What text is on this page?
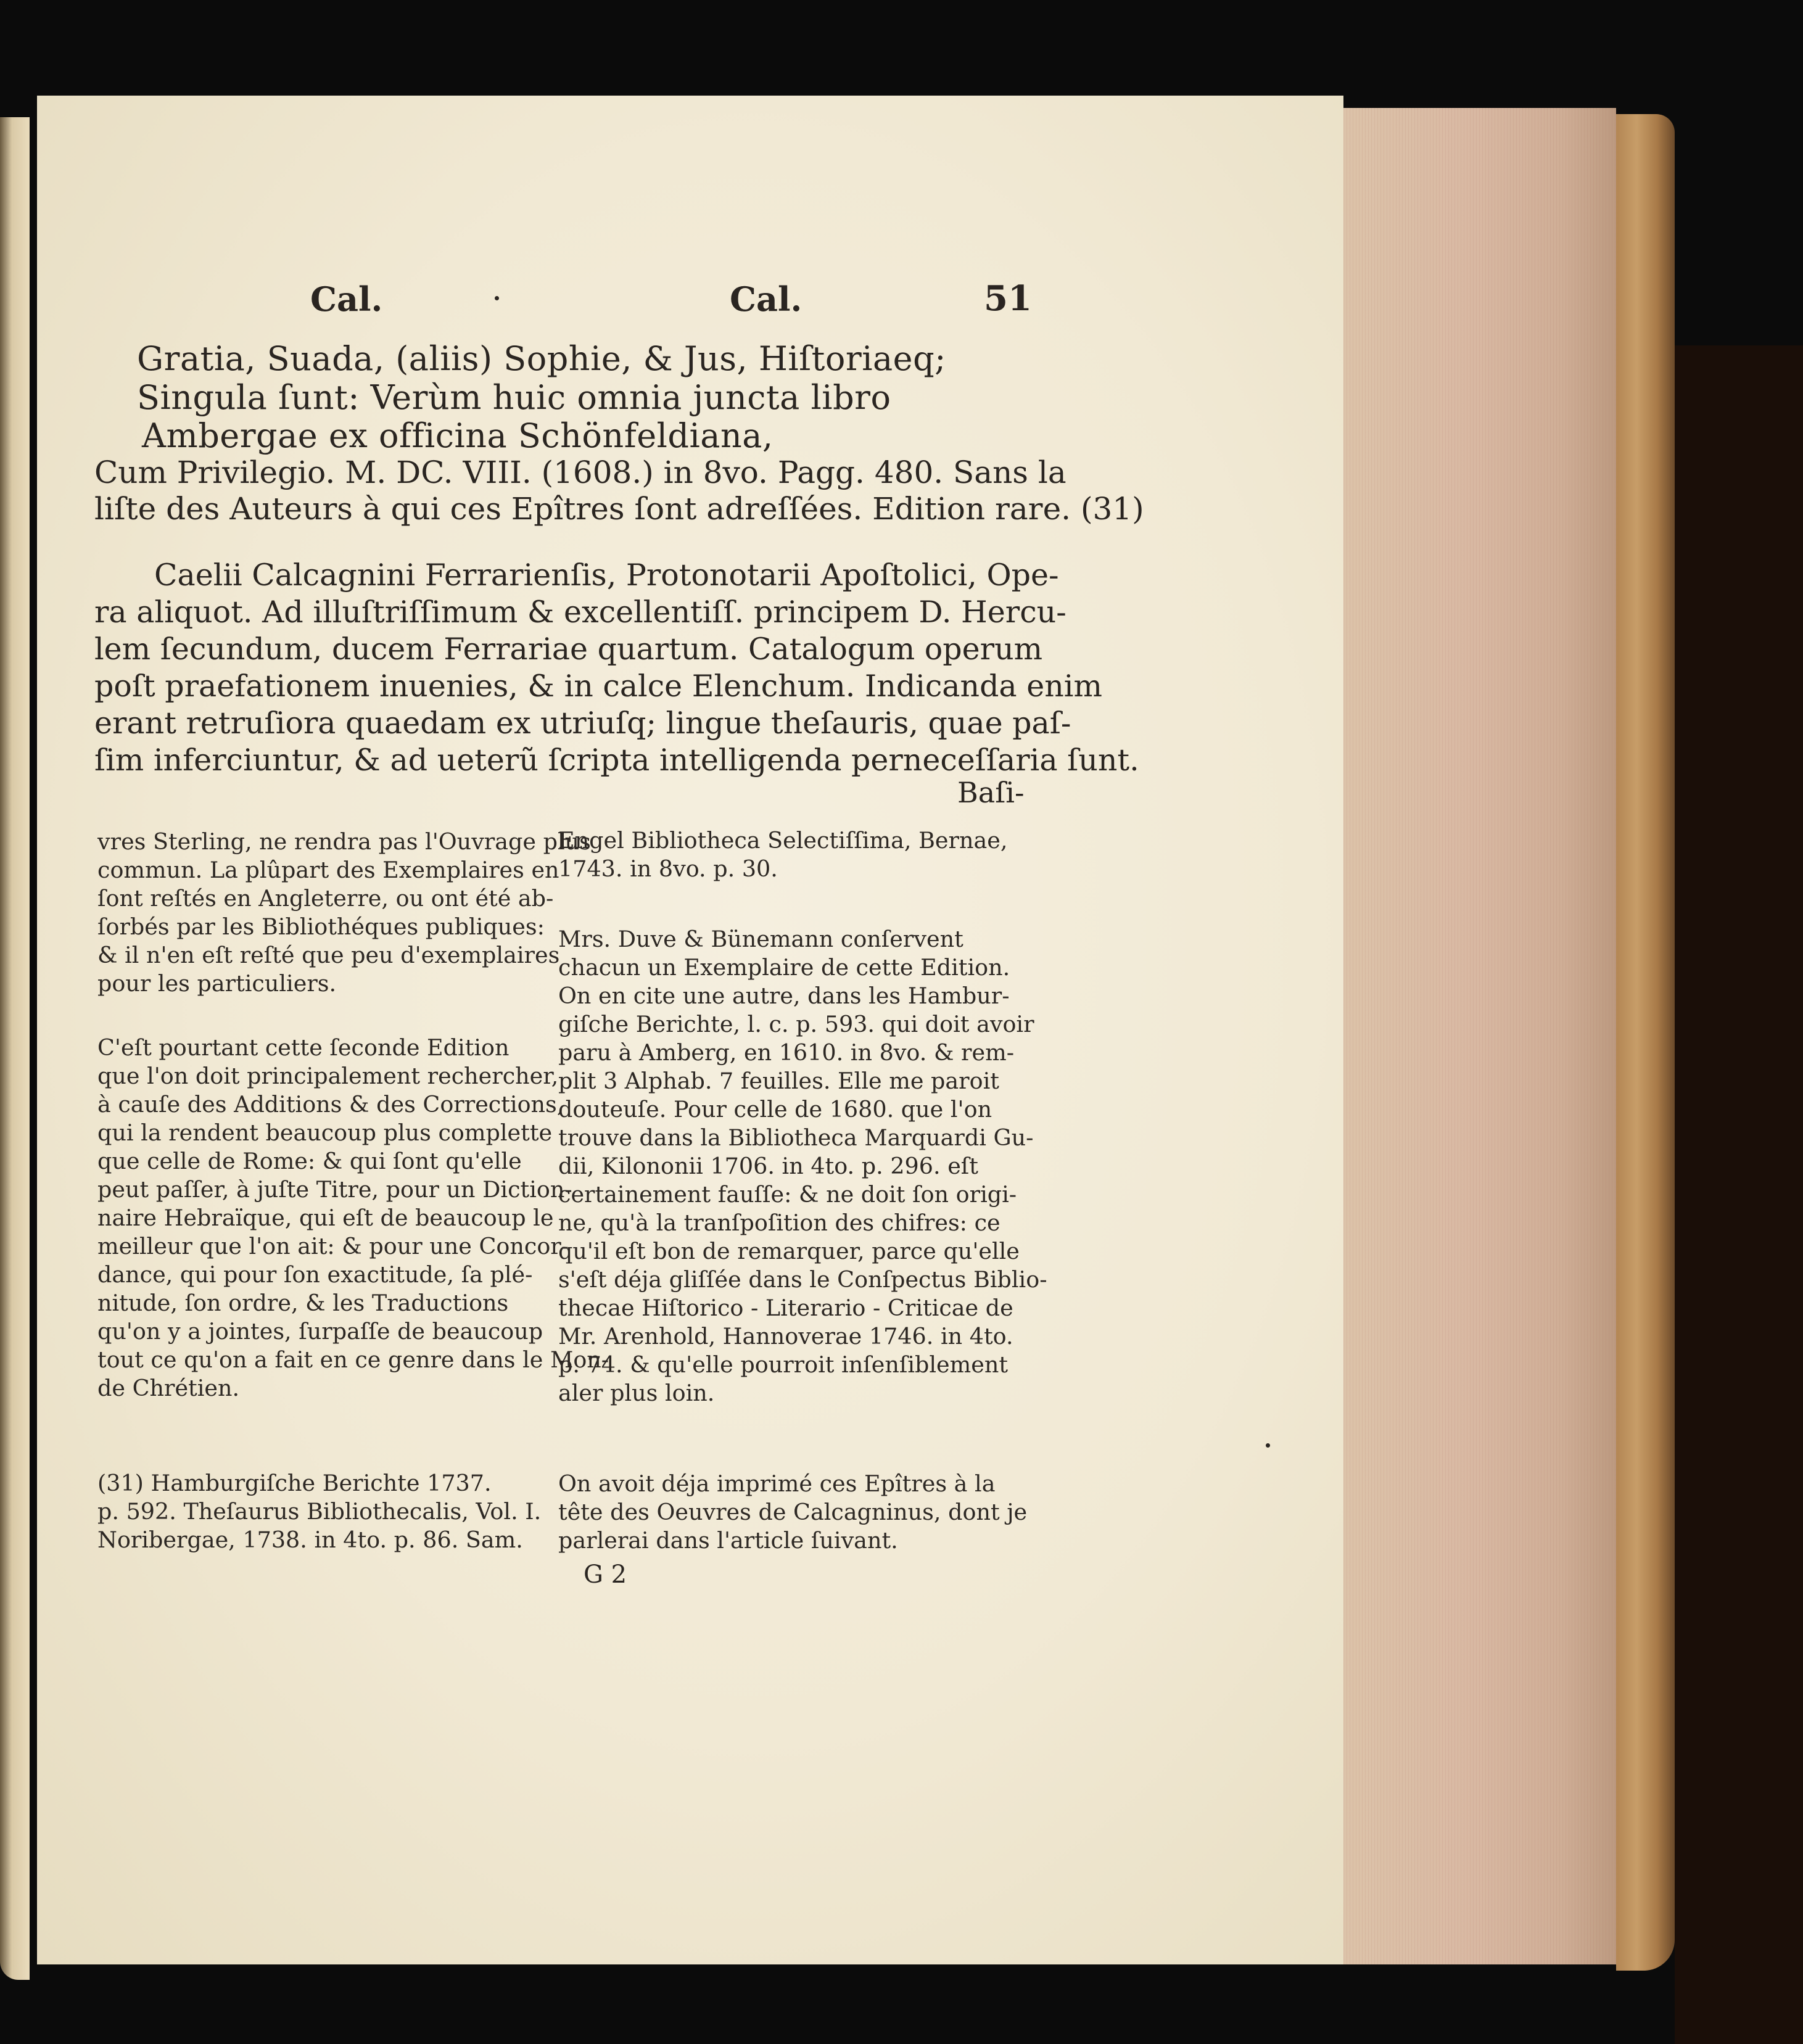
Cal.	Cal.	51
Gratia, Suada, (aliis) Sophie, & Jus, Hiſtoriaeq;
Singula ſunt: Verùm huic omnia juncta libro
Ambergae ex officina Schönfeldiana,
Cum Privilegio. M. DC. VIII. (1608.) in 8vo. Pagg. 480. Sans la
liſte des Auteurs à qui ces Epîtres ſont adreſſées. Edition rare. (31)
Caelii Calcagnini Ferrarienſis, Protonotarii Apoſtolici, Ope-
ra aliquot. Ad illuſtriſſimum & excellentiſſ. principem D. Hercu-
lem ſecundum, ducem Ferrariae quartum. Catalogum operum
poſt praefationem inuenies, & in calce Elenchum. Indicanda enim
erant retruſiora quaedam ex utriuſq; lingue theſauris, quae paſ-
ſim inferciuntur, & ad ueterũ ſcripta intelligenda perneceſſaria ſunt.
Baſi-

vres Sterling, ne rendra pas l'Ouvrage plus

commun. La plûpart des Exemplaires en

ſont reſtés en Angleterre, ou ont été ab-

ſorbés par les Bibliothéques publiques:

& il n'en eſt reſté que peu d'exemplaires

pour les particuliers.

C'eſt pourtant cette ſeconde Edition

que l'on doit principalement rechercher,

à cauſe des Additions & des Corrections,

qui la rendent beaucoup plus complette

que celle de Rome: & qui ſont qu'elle

peut paſſer, à juſte Titre, pour un Diction-

naire Hebraïque, qui eſt de beaucoup le

meilleur que l'on ait: & pour une Concor-

dance, qui pour ſon exactitude, ſa plé-

nitude, ſon ordre, & les Traductions

qu'on y a jointes, ſurpaſſe de beaucoup

tout ce qu'on a fait en ce genre dans le Mon-

de Chrétien.

(31) Hamburgiſche Berichte 1737.

p. 592. Theſaurus Bibliothecalis, Vol. I.

Noribergae, 1738. in 4to. p. 86. Sam.

Engel Bibliotheca Selectiſſima, Bernae,

1743. in 8vo. p. 30.

Mrs. Duve & Bünemann conſervent

chacun un Exemplaire de cette Edition.

On en cite une autre, dans les Hambur-

giſche Berichte, l. c. p. 593. qui doit avoir

paru à Amberg, en 1610. in 8vo. & rem-

plit 3 Alphab. 7 feuilles. Elle me paroit

douteuſe. Pour celle de 1680. que l'on

trouve dans la Bibliotheca Marquardi Gu-

dii, Kilononii 1706. in 4to. p. 296. eſt

certainement fauſſe: & ne doit ſon origi-

ne, qu'à la tranſpoſition des chifres: ce

qu'il eſt bon de remarquer, parce qu'elle

s'eſt déja gliſſée dans le Conſpectus Biblio-

thecae Hiſtorico - Literario - Criticae de

Mr. Arenhold, Hannoverae 1746. in 4to.

p. 74. & qu'elle pourroit inſenſiblement

aler plus loin.

On avoit déja imprimé ces Epîtres à la

tête des Oeuvres de Calcagninus, dont je

parlerai dans l'article ſuivant.

G 2
